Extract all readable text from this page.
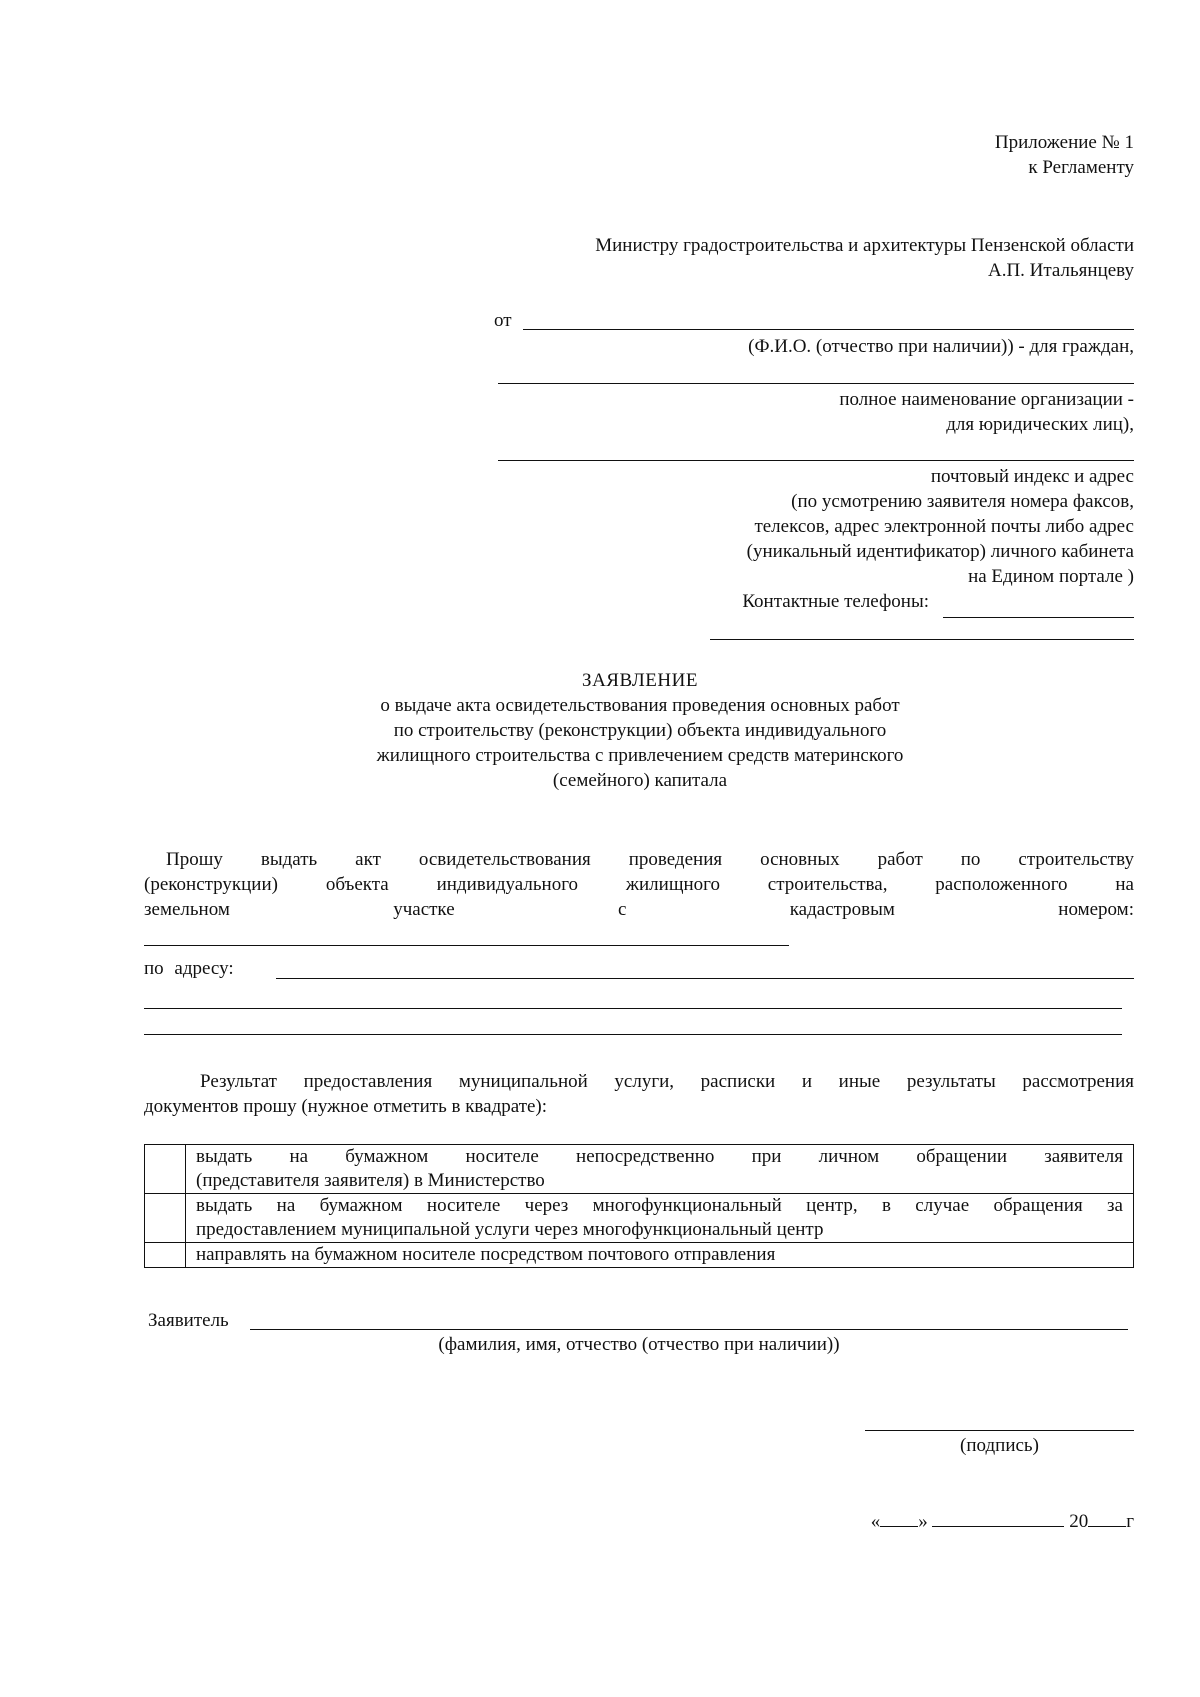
Приложение № 1
к Регламенту
Министру градостроительства и архитектуры Пензенской области
А.П. Итальянцеву
от
(Ф.И.О. (отчество при наличии)) - для граждан,
полное наименование организации -
для юридических лиц),
почтовый индекс и адрес
(по усмотрению заявителя номера факсов,
телексов, адрес электронной почты либо адрес
(уникальный идентификатор) личного кабинета
на Едином портале )
Контактные телефоны:
ЗАЯВЛЕНИЕ
о выдаче акта освидетельствования проведения основных работ
по строительству (реконструкции) объекта индивидуального
жилищного строительства с привлечением средств материнского
(семейного) капитала
Прошу выдать акт освидетельствования проведения основных работ по строительству
(реконструкции) объекта индивидуального жилищного строительства, расположенного на
земельном участке с кадастровым номером:
по адресу:
Результат предоставления муниципальной услуги, расписки и иные результаты рассмотрения
документов прошу (нужное отметить в квадрате):

	выдать на бумажном носителе непосредственно при личном обращении заявителя
(представителя заявителя) в Министерство

	выдать на бумажном носителе через многофункциональный центр, в случае обращения за
предоставлением муниципальной услуги через многофункциональный центр

	направлять на бумажном носителе посредством почтового отправления
Заявитель
(фамилия, имя, отчество (отчество при наличии))
(подпись)
« »	20 г
